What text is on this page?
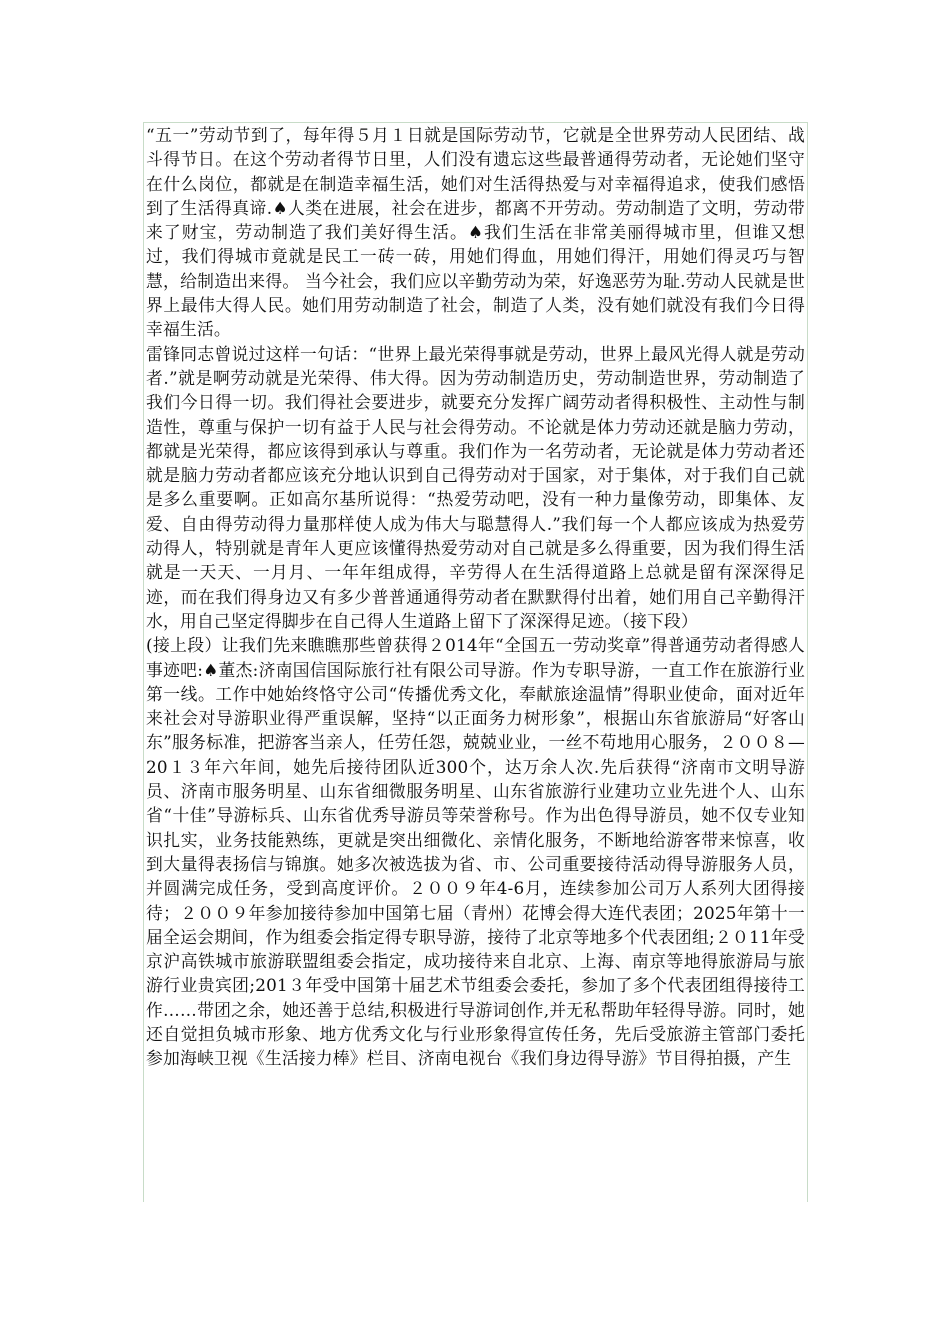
“五一”劳动节到了，每年得５月１日就是国际劳动节，它就是全世界劳动人民团结、战斗得节日。在这个劳动者得节日里，人们没有遗忘这些最普通得劳动者，无论她们坚守在什么岗位，都就是在制造幸福生活，她们对生活得热爱与对幸福得追求，使我们感悟到了生活得真谛.♠人类在进展，社会在进步，都离不开劳动。劳动制造了文明，劳动带来了财宝，劳动制造了我们美好得生活。♠我们生活在非常美丽得城市里，但谁又想过，我们得城市竟就是民工一砖一砖，用她们得血，用她们得汗，用她们得灵巧与智慧，给制造出来得。 当今社会，我们应以辛勤劳动为荣，好逸恶劳为耻.劳动人民就是世界上最伟大得人民。她们用劳动制造了社会，制造了人类，没有她们就没有我们今日得幸福生活。

雷锋同志曾说过这样一句话：“世界上最光荣得事就是劳动，世界上最风光得人就是劳动者.”就是啊劳动就是光荣得、伟大得。因为劳动制造历史，劳动制造世界，劳动制造了我们今日得一切。我们得社会要进步，就要充分发挥广阔劳动者得积极性、主动性与制造性，尊重与保护一切有益于人民与社会得劳动。不论就是体力劳动还就是脑力劳动，都就是光荣得，都应该得到承认与尊重。我们作为一名劳动者，无论就是体力劳动者还就是脑力劳动者都应该充分地认识到自己得劳动对于国家，对于集体，对于我们自己就是多么重要啊。正如高尔基所说得：“热爱劳动吧，没有一种力量像劳动，即集体、友爱、自由得劳动得力量那样使人成为伟大与聪慧得人.”我们每一个人都应该成为热爱劳动得人，特别就是青年人更应该懂得热爱劳动对自己就是多么得重要，因为我们得生活就是一天天、一月月、一年年组成得，辛劳得人在生活得道路上总就是留有深深得足迹，而在我们得身边又有多少普普通通得劳动者在默默得付出着，她们用自己辛勤得汗水，用自己坚定得脚步在自己得人生道路上留下了深深得足迹。（接下段）

(接上段）让我们先来瞧瞧那些曾获得２014年“全国五一劳动奖章”得普通劳动者得感人事迹吧:♠董杰:济南国信国际旅行社有限公司导游。作为专职导游，一直工作在旅游行业第一线。工作中她始终恪守公司“传播优秀文化，奉献旅途温情”得职业使命，面对近年来社会对导游职业得严重误解，坚持“以正面务力树形象”，根据山东省旅游局“好客山东”服务标准，把游客当亲人，任劳任怨，兢兢业业，一丝不苟地用心服务，２００８—20１３年六年间，她先后接待团队近300个，达万余人次.先后获得“济南市文明导游员、济南市服务明星、山东省细微服务明星、山东省旅游行业建功立业先进个人、山东省“十佳”导游标兵、山东省优秀导游员等荣誉称号。作为出色得导游员，她不仅专业知识扎实，业务技能熟练，更就是突出细微化、亲情化服务，不断地给游客带来惊喜，收到大量得表扬信与锦旗。她多次被选拔为省、市、公司重要接待活动得导游服务人员，并圆满完成任务，受到高度评价。２００９年4-6月，连续参加公司万人系列大团得接待；２００９年参加接待参加中国第七届（青州）花博会得大连代表团；2025年第十一届全运会期间，作为组委会指定得专职导游，接待了北京等地多个代表团组;２０11年受京沪高铁城市旅游联盟组委会指定，成功接待来自北京、上海、南京等地得旅游局与旅游行业贵宾团;201３年受中国第十届艺术节组委会委托，参加了多个代表团组得接待工作……带团之余，她还善于总结,积极进行导游词创作,并无私帮助年轻得导游。同时，她还自觉担负城市形象、地方优秀文化与行业形象得宣传任务，先后受旅游主管部门委托参加海峡卫视《生活接力棒》栏目、济南电视台《我们身边得导游》节目得拍摄，产生
